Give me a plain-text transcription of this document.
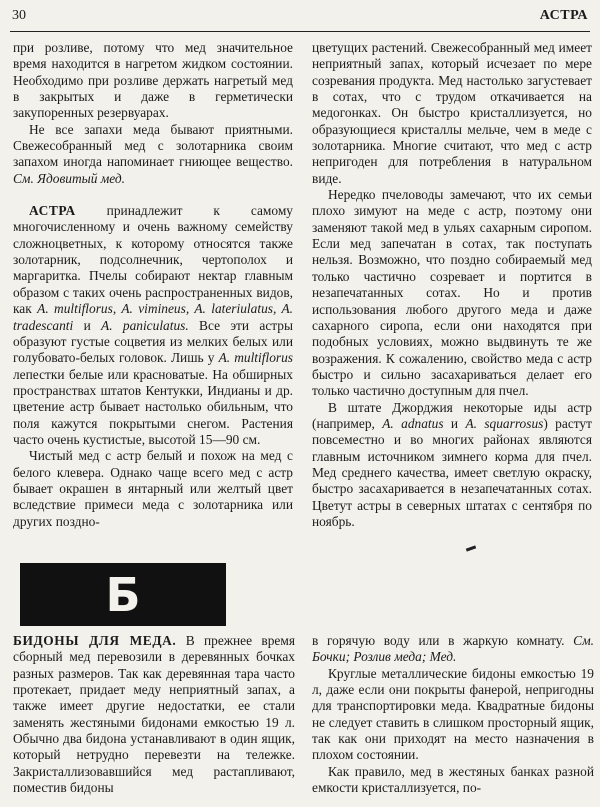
30	АСТРА

при розливе, потому что мед значительное время находится в нагретом жидком состоянии. Необходимо при розливе держать нагретый мед в закрытых и даже в герметически закупоренных резервуарах.

Не все запахи меда бывают приятными. Свежесобранный мед с золотарника своим запахом иногда напоминает гниющее вещество. См. Ядовитый мед.

АСТРА принадлежит к самому многочисленному и очень важному семейству сложноцветных, к которому относятся также золотарник, подсолнечник, чертополох и маргаритка. Пчелы собирают нектар главным образом с таких очень распространенных видов, как A. multiflorus, A. vimineus, A. lateriulatus, A. tradescanti и A. paniculatus. Все эти астры образуют густые соцветия из мелких белых или голубовато-белых головок. Лишь у A. multiflorus лепестки белые или красноватые. На обширных пространствах штатов Кентукки, Индианы и др. цветение астр бывает настолько обильным, что поля кажутся покрытыми снегом. Растения часто очень кустистые, высотой 15—90 см.

Чистый мед с астр белый и похож на мед с белого клевера. Однако чаще всего мед с астр бывает окрашен в янтарный или желтый цвет вследствие примеси меда с золотарника или других поздно-

цветущих растений. Свежесобранный мед имеет неприятный запах, который исчезает по мере созревания продукта. Мед настолько загустевает в сотах, что с трудом откачивается на медогонках. Он быстро кристаллизуется, но образующиеся кристаллы мельче, чем в меде с золотарника. Многие считают, что мед с астр непригоден для потребления в натуральном виде.

Нередко пчеловоды замечают, что их семьи плохо зимуют на меде с астр, поэтому они заменяют такой мед в ульях сахарным сиропом. Если мед запечатан в сотах, так поступать нельзя. Возможно, что поздно собираемый мед только частично созревает и портится в незапечатанных сотах. Но и против использования любого другого меда и даже сахарного сиропа, если они находятся при подобных условиях, можно выдвинуть те же возражения. К сожалению, свойство меда с астр быстро и сильно засахариваться делает его только частично доступным для пчел.

В штате Джорджия некоторые иды астр (например, A. adnatus и A. squarrosus) растут повсеместно и во многих районах являются главным источником зимнего корма для пчел. Мед среднего качества, имеет светлую окраску, быстро засахаривается в незапечатанных сотах. Цветут астры в северных штатах с сентября по ноябрь.

Б

БИДОНЫ ДЛЯ МЕДА. В прежнее время сборный мед перевозили в деревянных бочках разных размеров. Так как деревянная тара часто протекает, придает меду неприятный запах, а также имеет другие недостатки, ее стали заменять жестяными бидонами емкостью 19 л. Обычно два бидона устанавливают в один ящик, который нетрудно перевезти на тележке. Закристаллизовавшийся мед растапливают, поместив бидоны

в горячую воду или в жаркую комнату. См. Бочки; Розлив меда; Мед.

Круглые металлические бидоны емкостью 19 л, даже если они покрыты фанерой, непригодны для транспортировки меда. Квадратные бидоны не следует ставить в слишком просторный ящик, так как они приходят на место назначения в плохом состоянии.

Как правило, мед в жестяных банках разной емкости кристаллизуется, по-
